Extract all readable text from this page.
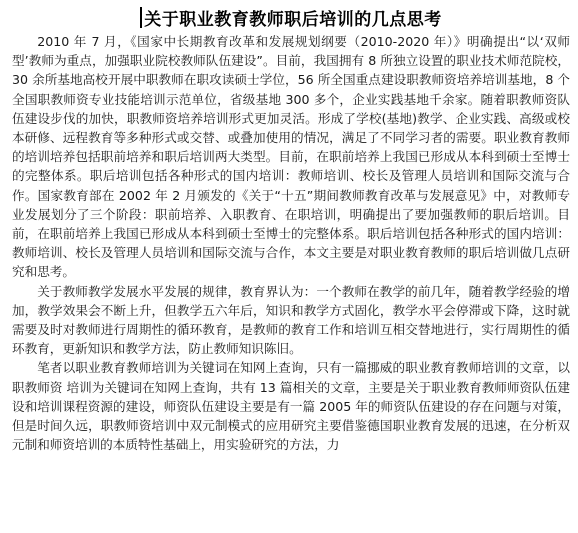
关于职业教育教师职后培训的几点思考

2010 年 7 月，《国家中长期教育改革和发展规划纲要（2010-2020 年）》明确提出“以‘双师型’教师为重点，加强职业院校教师队伍建设”。目前，我国拥有 8 所独立设置的职业技术师范院校，30 余所基地高校开展中职教师在职攻读硕士学位，56 所全国重点建设职教师资培养培训基地，8 个全国职教师资专业技能培训示范单位，省级基地 300 多个，企业实践基地千余家。随着职教师资队伍建设步伐的加快，职教师资培养培训形式更加灵活。形成了学校(基地)教学、企业实践、高级或校本研修、远程教育等多种形式或交替、或叠加使用的情况，满足了不同学习者的需要。职业教育教师的培训培养包括职前培养和职后培训两大类型。目前，在职前培养上我国已形成从本科到硕士至博士的完整体系。职后培训包括各种形式的国内培训：教师培训、校长及管理人员培训和国际交流与合作。国家教育部在 2002 年 2 月颁发的《关于“十五”期间教师教育改革与发展意见》中，对教师专业发展划分了三个阶段：职前培养、入职教育、在职培训，明确提出了要加强教师的职后培训。目前，在职前培养上我国已形成从本科到硕士至博士的完整体系。职后培训包括各种形式的国内培训：教师培训、校长及管理人员培训和国际交流与合作，本文主要是对职业教育教师的职后培训做几点研究和思考。

关于教师教学发展水平发展的规律，教育界认为：一个教师在教学的前几年，随着教学经验的增加，教学效果会不断上升，但教学五六年后，知识和教学方式固化，教学水平会停滞或下降，这时就需要及时对教师进行周期性的循环教育，是教师的教育工作和培训互相交替地进行，实行周期性的循环教育，更新知识和教学方法，防止教师知识陈旧。

笔者以职业教育教师培训为关键词在知网上查询，只有一篇挪威的职业教育教师培训的文章，以职教师资 培训为关键词在知网上查询，共有 13 篇相关的文章，主要是关于职业教育教师师资队伍建设和培训课程资源的建设，师资队伍建设主要是有一篇 2005 年的师资队伍建设的存在问题与对策，但是时间久远，职教师资培训中双元制模式的应用研究主要借鉴德国职业教育发展的迅速，在分析双元制和师资培训的本质特性基础上，用实验研究的方法，力
